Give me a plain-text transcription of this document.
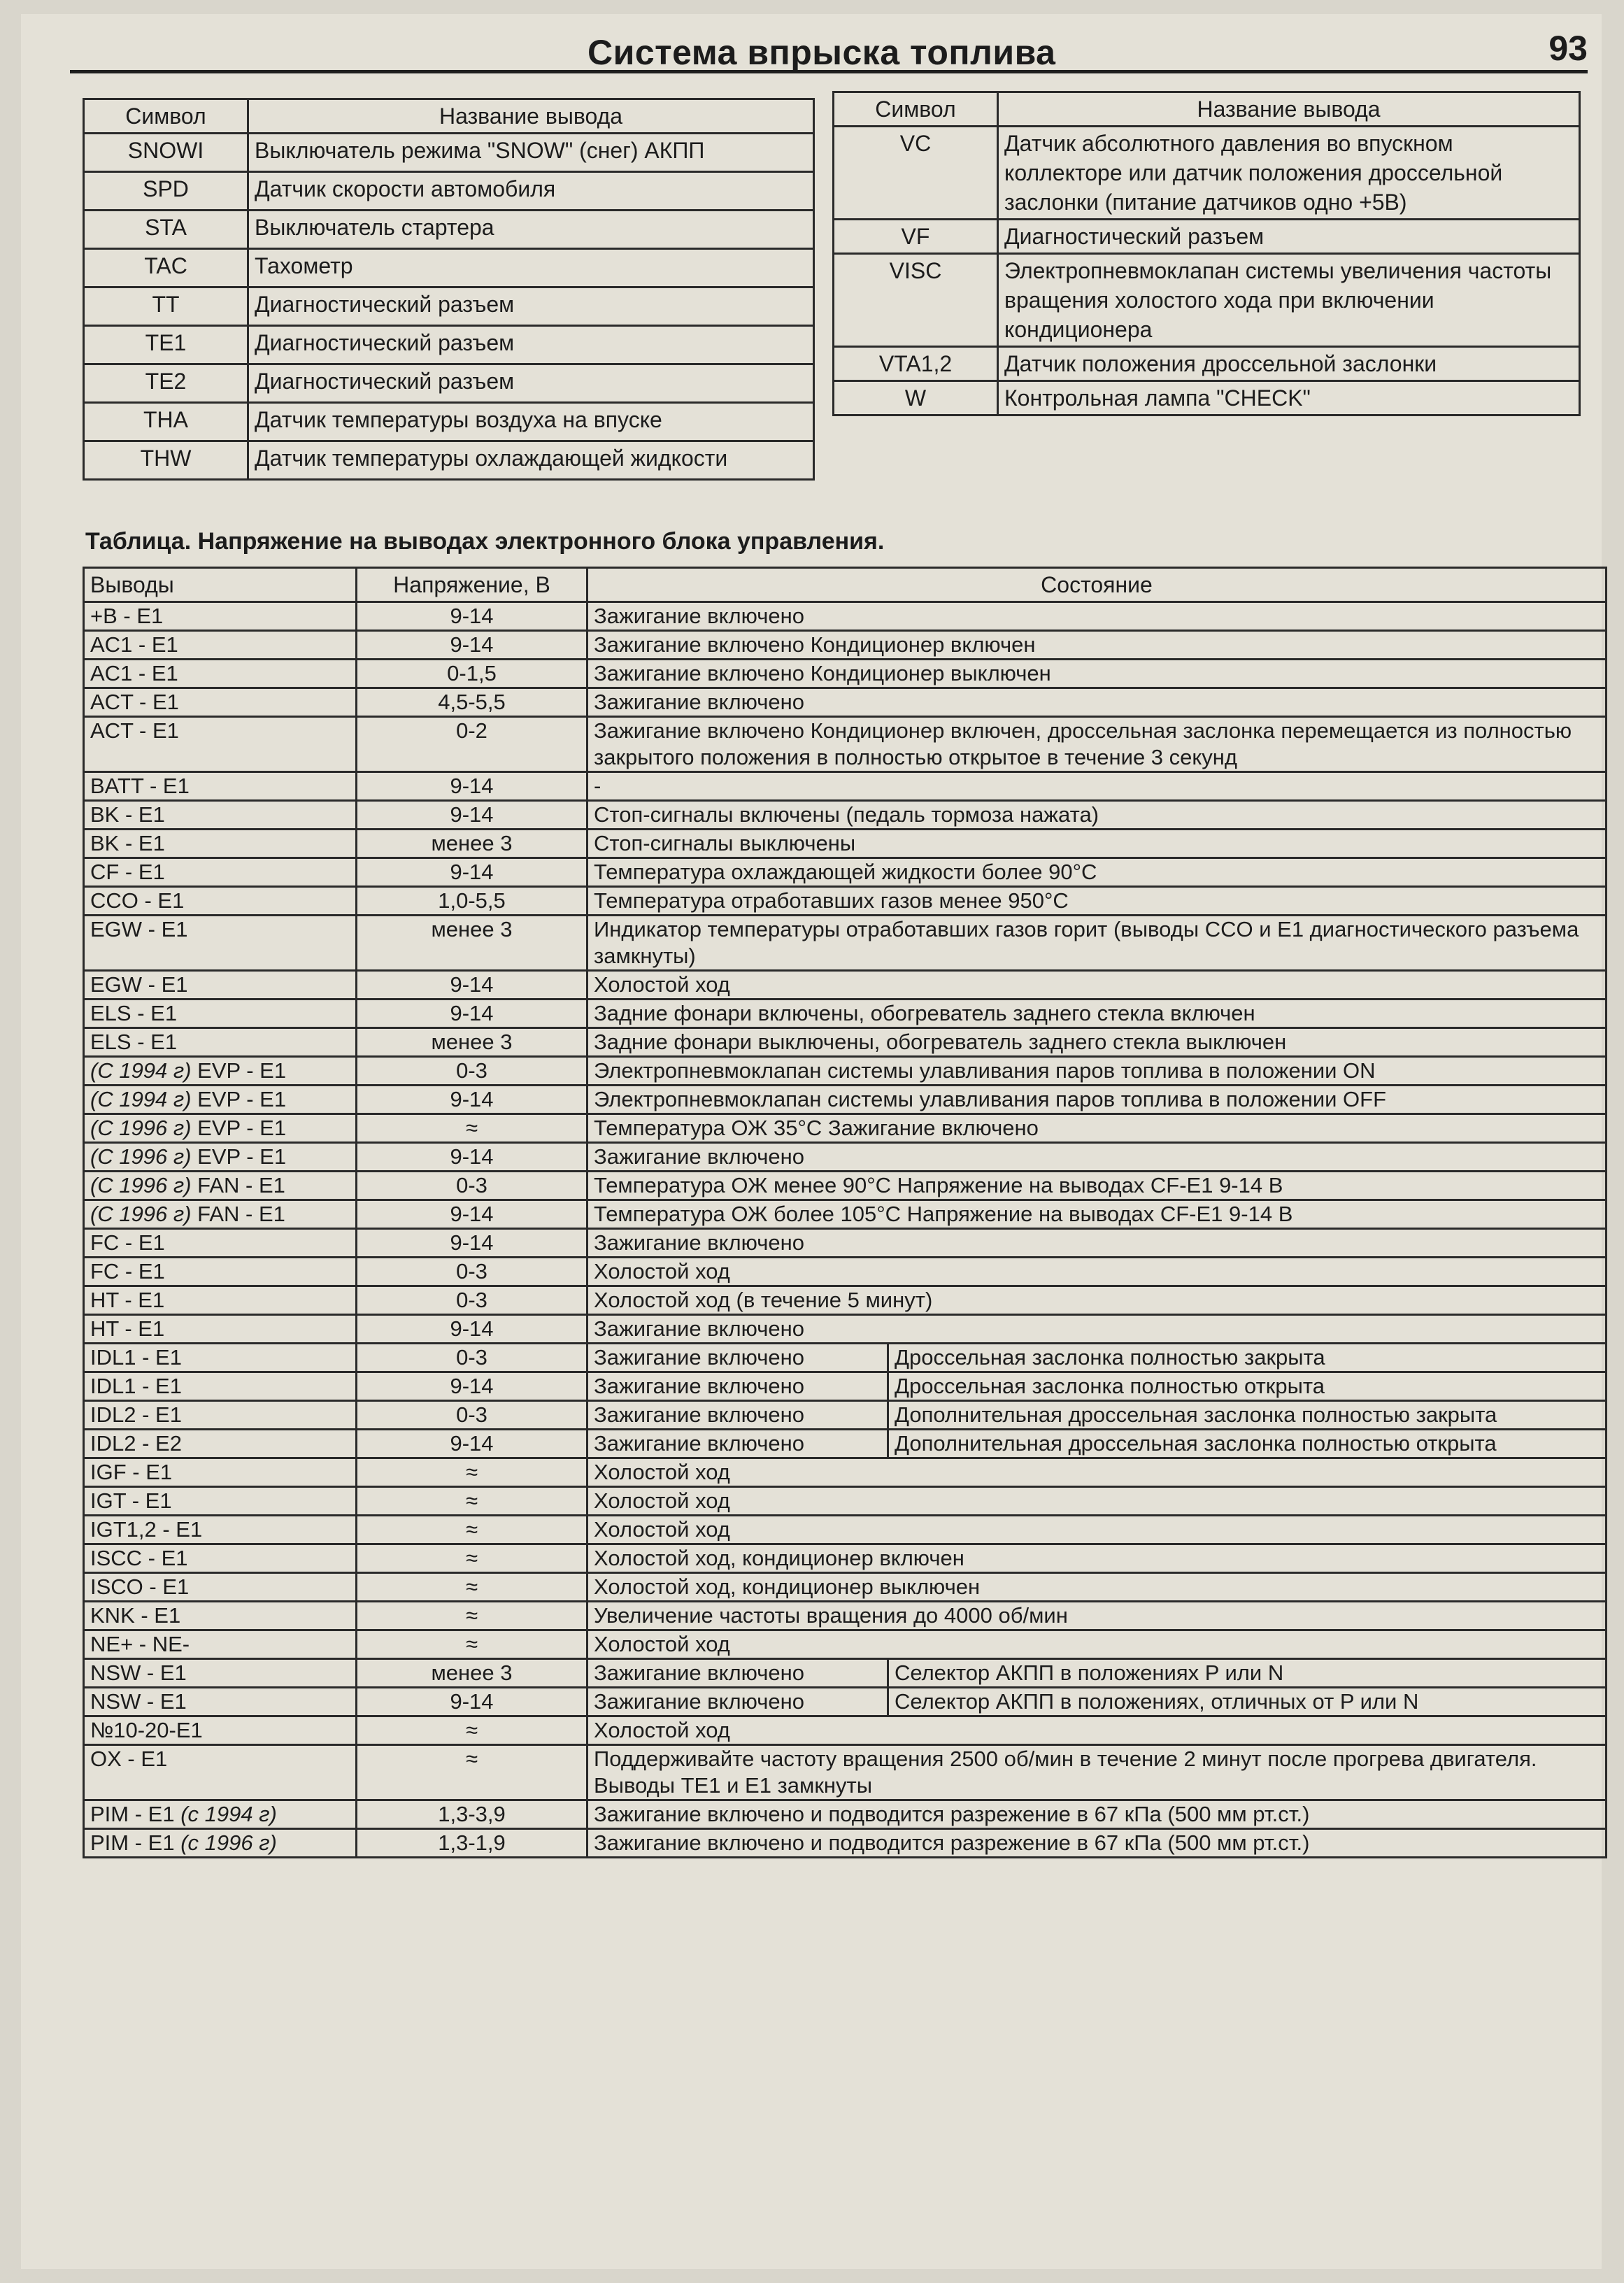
Система впрыска топлива	93
Символ	Название вывода
SNOWI	Выключатель режима "SNOW" (снег) АКПП
SPD	Датчик скорости автомобиля
STA	Выключатель стартера
TAC	Тахометр
TT	Диагностический разъем
TE1	Диагностический разъем
TE2	Диагностический разъем
THA	Датчик температуры воздуха на впуске
THW	Датчик температуры охлаждающей жидкости
Символ	Название вывода
VC	Датчик абсолютного давления во впускном коллекторе или датчик положения дроссельной заслонки (питание датчиков одно +5В)
VF	Диагностический разъем
VISC	Электропневмоклапан системы увеличения частоты вращения холостого хода при включении кондиционера
VTA1,2	Датчик положения дроссельной заслонки
W	Контрольная лампа "CHECK"
Таблица. Напряжение на выводах электронного блока управления.
Выводы	Напряжение, В	Состояние	
+B - E1	9-14	Зажигание включено	
AC1 - E1	9-14	Зажигание включено Кондиционер включен	
AC1 - E1	0-1,5	Зажигание включено Кондиционер выключен	
ACT - E1	4,5-5,5	Зажигание включено	
ACT - E1	0-2	Зажигание включено Кондиционер включен, дроссельная заслонка перемещается из полностью закрытого положения в полностью открытое в течение 3 секунд	
BATT - E1	9-14	-	
BK - E1	9-14	Стоп-сигналы включены (педаль тормоза нажата)	
BK - E1	менее 3	Стоп-сигналы выключены	
CF - E1	9-14	Температура охлаждающей жидкости более 90°C	
CCO - E1	1,0-5,5	Температура отработавших газов менее 950°C	
EGW - E1	менее 3	Индикатор температуры отработавших газов горит (выводы CCO и E1 диагностического разъема замкнуты)	
EGW - E1	9-14	Холостой ход	
ELS - E1	9-14	Задние фонари включены, обогреватель заднего стекла включен	
ELS - E1	менее 3	Задние фонари выключены, обогреватель заднего стекла выключен	
(С 1994 г) EVP - E1	0-3	Электропневмоклапан системы улавливания паров топлива в положении ON	
(С 1994 г) EVP - E1	9-14	Электропневмоклапан системы улавливания паров топлива в положении OFF	
(С 1996 г) EVP - E1	≈	Температура ОЖ 35°C Зажигание включено	
(С 1996 г) EVP - E1	9-14	Зажигание включено	
(С 1996 г) FAN - E1	0-3	Температура ОЖ менее 90°C Напряжение на выводах CF-E1 9-14 В	
(С 1996 г) FAN - E1	9-14	Температура ОЖ более 105°C Напряжение на выводах CF-E1 9-14 В	
FC - E1	9-14	Зажигание включено	
FC - E1	0-3	Холостой ход	
HT - E1	0-3	Холостой ход (в течение 5 минут)	
HT - E1	9-14	Зажигание включено	
IDL1 - E1	0-3	Зажигание включено	Дроссельная заслонка полностью закрыта
IDL1 - E1	9-14	Зажигание включено	Дроссельная заслонка полностью открыта
IDL2 - E1	0-3	Зажигание включено	Дополнительная дроссельная заслонка полностью закрыта
IDL2 - E2	9-14	Зажигание включено	Дополнительная дроссельная заслонка полностью открыта
IGF - E1	≈	Холостой ход	
IGT - E1	≈	Холостой ход	
IGT1,2 - E1	≈	Холостой ход	
ISCC - E1	≈	Холостой ход, кондиционер включен	
ISCO - E1	≈	Холостой ход, кондиционер выключен	
KNK - E1	≈	Увеличение частоты вращения до 4000 об/мин	
NE+ - NE-	≈	Холостой ход	
NSW - E1	менее 3	Зажигание включено	Селектор АКПП в положениях P или N
NSW - E1	9-14	Зажигание включено	Селектор АКПП в положениях, отличных от P или N
№10-20-E1	≈	Холостой ход	
OX - E1	≈	Поддерживайте частоту вращения 2500 об/мин в течение 2 минут после прогрева двигателя. Выводы TE1 и E1 замкнуты	
PIM - E1 (с 1994 г)	1,3-3,9	Зажигание включено и подводится разрежение в 67 кПа (500 мм рт.ст.)	
PIM - E1 (с 1996 г)	1,3-1,9	Зажигание включено и подводится разрежение в 67 кПа (500 мм рт.ст.)	
